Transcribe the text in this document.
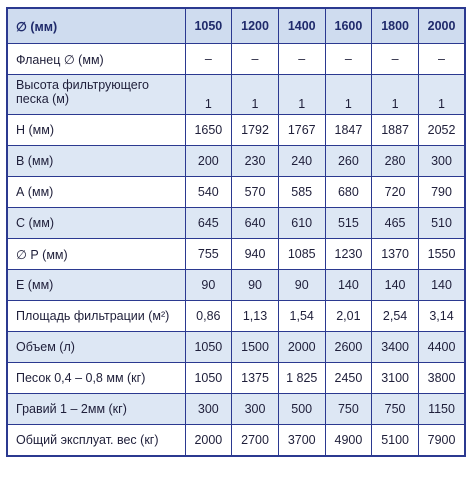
∅ (мм)	1050	1200	1400	1600	1800	2000
Фланец ∅ (мм)	–	–	–	–	–	–
Высота фильтрующего песка (м)	1	1	1	1	1	1
Н (мм)	1650	1792	1767	1847	1887	2052
В (мм)	200	230	240	260	280	300
А (мм)	540	570	585	680	720	790
С (мм)	645	640	610	515	465	510
∅ Р (мм)	755	940	1085	1230	1370	1550
Е (мм)	90	90	90	140	140	140
Площадь фильтрации (м²)	0,86	1,13	1,54	2,01	2,54	3,14
Объем (л)	1050	1500	2000	2600	3400	4400
Песок 0,4 – 0,8 мм (кг)	1050	1375	1 825	2450	3100	3800
Гравий 1 – 2мм (кг)	300	300	500	750	750	1150
Общий эксплуат. вес (кг)	2000	2700	3700	4900	5100	7900
